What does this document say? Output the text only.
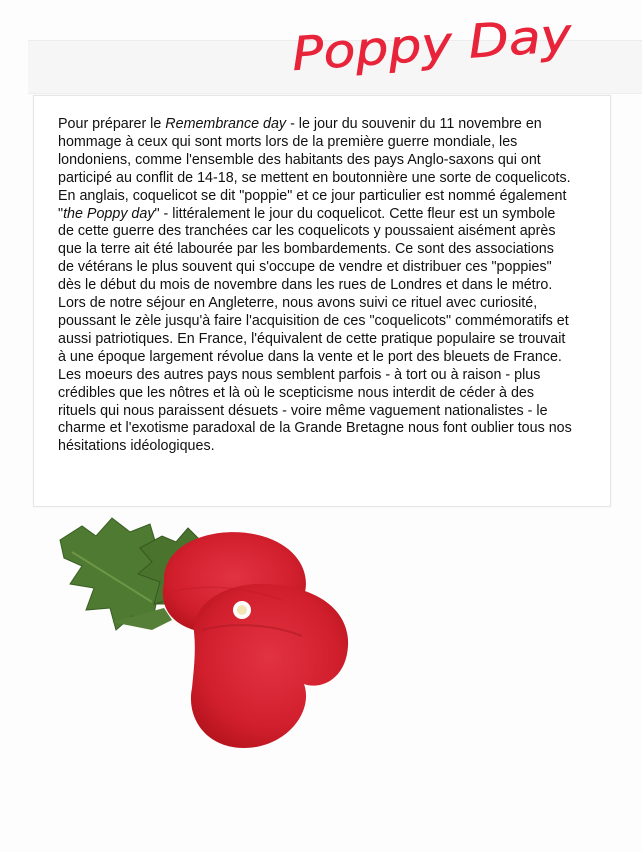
Poppy Day

Pour préparer le Remembrance day - le jour du souvenir du 11 novembre en hommage à ceux qui sont morts lors de la première guerre mondiale, les londoniens, comme l'ensemble des habitants des pays Anglo-saxons qui ont participé au conflit de 14-18, se mettent en boutonnière une sorte de coquelicots. En anglais, coquelicot se dit "poppie" et ce jour particulier est nommé également "the Poppy day" - littéralement le jour du coquelicot. Cette fleur est un symbole de cette guerre des tranchées car les coquelicots y poussaient aisément après que la terre ait été labourée par les bombardements. Ce sont des associations de vétérans le plus souvent qui s'occupe de vendre et distribuer ces "poppies" dès le début du mois de novembre dans les rues de Londres et dans le métro. Lors de notre séjour en Angleterre, nous avons suivi ce rituel avec curiosité, poussant le zèle jusqu'à faire l'acquisition de ces "coquelicots" commémoratifs et aussi patriotiques. En France, l'équivalent de cette pratique populaire se trouvait à une époque largement révolue dans la vente et le port des bleuets de France. Les moeurs des autres pays nous semblent parfois - à tort ou à raison - plus crédibles que les nôtres et là où le scepticisme nous interdit de céder à des rituels qui nous paraissent désuets - voire même vaguement nationalistes - le charme et l'exotisme paradoxal de la Grande Bretagne nous font oublier tous nos hésitations idéologiques.
